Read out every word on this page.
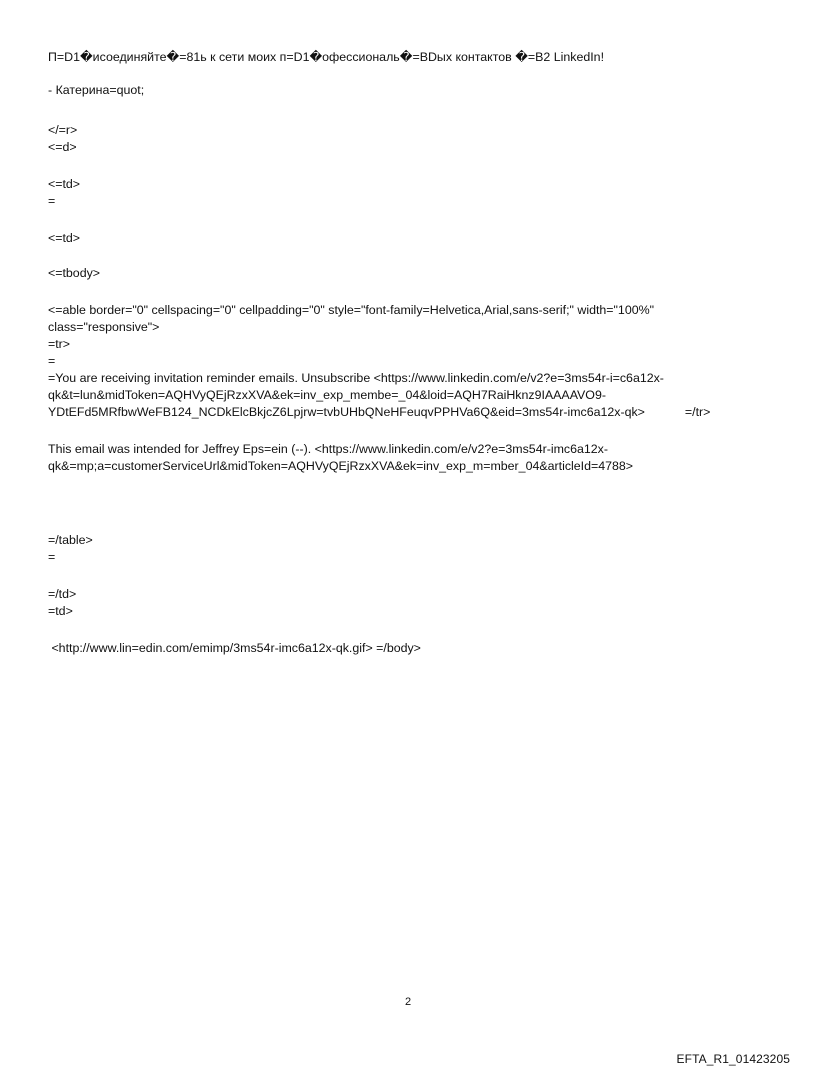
П=D1�исоединяйте�=81ь к сети моих п=D1�офессиональ�=BDых контактов �=B2 LinkedIn!
- Катерина=quot;
</=r>
<=d>
<=td>
=
<=td>
<=tbody>
<=able border="0" cellspacing="0" cellpadding="0" style="font-family=Helvetica,Arial,sans-serif;" width="100%"
class="responsive">
=tr>
=
=You are receiving invitation reminder emails. Unsubscribe <https://www.linkedin.com/e/v2?e=3ms54r-i=c6a12x-
qk&t=lun&midToken=AQHVyQEjRzxXVA&ek=inv_exp_membe=_04&loid=AQH7RaiHknz9IAAAAVO9-
YDtEFd5MRfbwWeFB124_NCDkElcBkjcZ6Lpjrw=tvbUHbQNeHFeuqvPPHVa6Q&eid=3ms54r-imc6a12x-qk>	=/tr>
This email was intended for Jeffrey Eps=ein (--). <https://www.linkedin.com/e/v2?e=3ms54r-imc6a12x-
qk&=mp;a=customerServiceUrl&midToken=AQHVyQEjRzxXVA&ek=inv_exp_m=mber_04&articleId=4788>
=/table>
=
=/td>
=td>
<http://www.lin=edin.com/emimp/3ms54r-imc6a12x-qk.gif> =/body>
2
EFTA_R1_01423205
